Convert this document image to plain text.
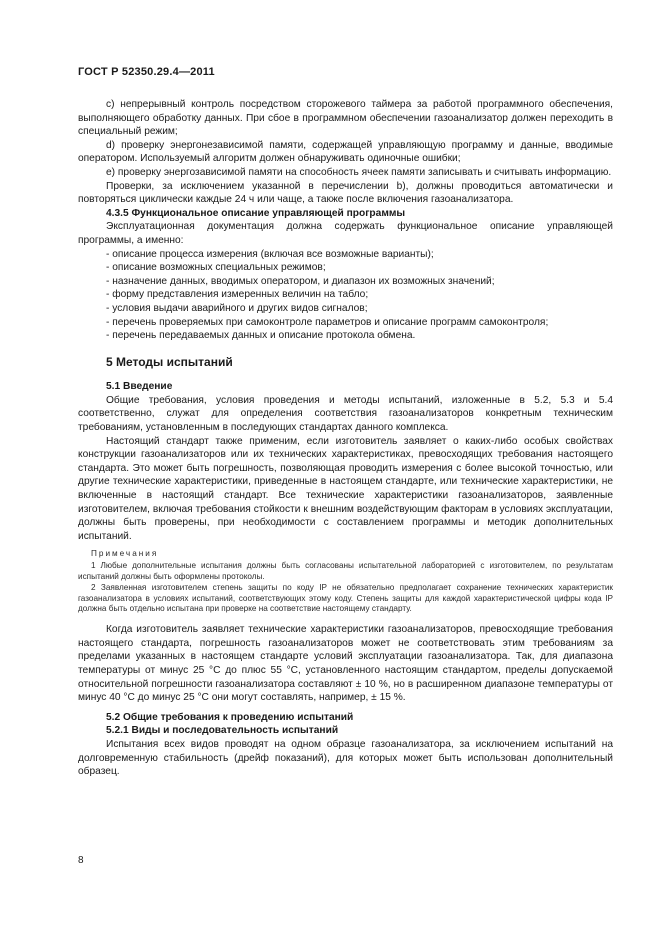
ГОСТ Р 52350.29.4—2011

с) непрерывный контроль посредством сторожевого таймера за работой программного обеспечения, выполняющего обработку данных. При сбое в программном обеспечении газоанализатор должен переходить в специальный режим;

d) проверку энергонезависимой памяти, содержащей управляющую программу и данные, вводимые оператором. Используемый алгоритм должен обнаруживать одиночные ошибки;

е) проверку энергозависимой памяти на способность ячеек памяти записывать и считывать информацию.

Проверки, за исключением указанной в перечислении b), должны проводиться автоматически и повторяться циклически каждые 24 ч или чаще, а также после включения газоанализатора.

4.3.5 Функциональное описание управляющей программы

Эксплуатационная документация должна содержать функциональное описание управляющей программы, а именно:

- описание процесса измерения (включая все возможные варианты);
- описание возможных специальных режимов;
- назначение данных, вводимых оператором, и диапазон их возможных значений;
- форму представления измеренных величин на табло;
- условия выдачи аварийного и других видов сигналов;
- перечень проверяемых при самоконтроле параметров и описание программ самоконтроля;
- перечень передаваемых данных и описание протокола обмена.
5 Методы испытаний
5.1 Введение

Общие требования, условия проведения и методы испытаний, изложенные в 5.2, 5.3 и 5.4 соответственно, служат для определения соответствия газоанализаторов конкретным техническим требованиям, установленным в последующих стандартах данного комплекса.

Настоящий стандарт также применим, если изготовитель заявляет о каких-либо особых свойствах конструкции газоанализаторов или их технических характеристиках, превосходящих требования настоящего стандарта. Это может быть погрешность, позволяющая проводить измерения с более высокой точностью, или другие технические характеристики, приведенные в настоящем стандарте, или технические характеристики, не включенные в настоящий стандарт. Все технические характеристики газоанализаторов, заявленные изготовителем, включая требования стойкости к внешним воздействующим факторам в условиях эксплуатации, должны быть проверены, при необходимости с составлением программы и методик дополнительных испытаний.

Примечания

1 Любые дополнительные испытания должны быть согласованы испытательной лабораторией с изготовителем, по результатам испытаний должны быть оформлены протоколы.

2 Заявленная изготовителем степень защиты по коду IP не обязательно предполагает сохранение технических характеристик газоанализатора в условиях испытаний, соответствующих этому коду. Степень защиты для каждой характеристической цифры кода IP должна быть отдельно испытана при проверке на соответствие настоящему стандарту.

Когда изготовитель заявляет технические характеристики газоанализаторов, превосходящие требования настоящего стандарта, погрешность газоанализаторов может не соответствовать этим требованиям за пределами указанных в настоящем стандарте условий эксплуатации газоанализатора. Так, для диапазона температуры от минус 25 °С до плюс 55 °С, установленного настоящим стандартом, пределы допускаемой относительной погрешности газоанализатора составляют ± 10 %, но в расширенном диапазоне температуры от минус 40 °С до минус 25 °С они могут составлять, например, ± 15 %.

5.2 Общие требования к проведению испытаний
5.2.1 Виды и последовательность испытаний

Испытания всех видов проводят на одном образце газоанализатора, за исключением испытаний на долговременную стабильность (дрейф показаний), для которых может быть использован дополнительный образец.

8
